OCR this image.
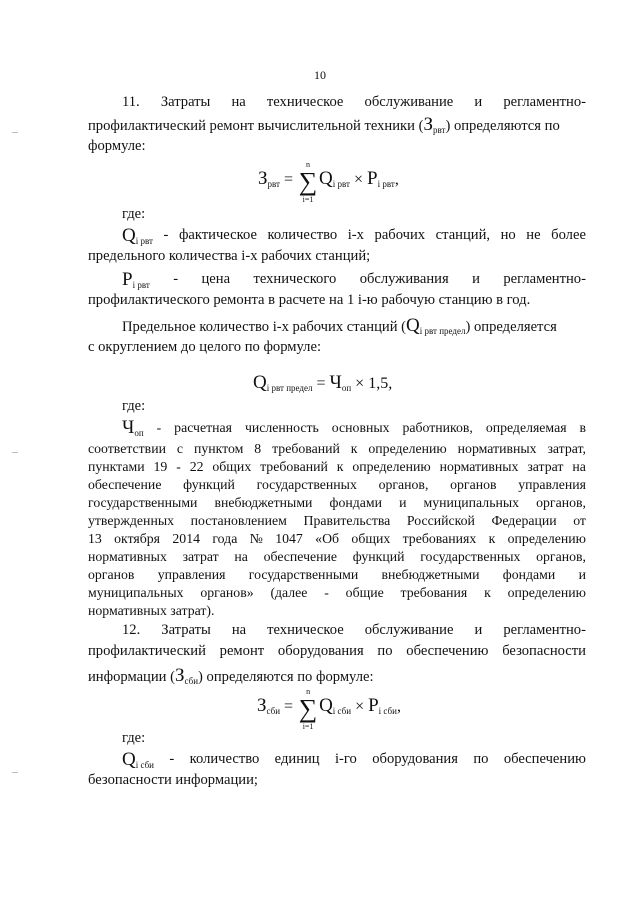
10
11. Затраты на техническое обслуживание и регламентно-
профилактический ремонт вычислительной техники $(З_{рвт})$ определяются по
формуле:
Зрвт = ∑
n
i=1
Qi рвт × Pi рвт,
где:
$Q_{i рвт}$ - фактическое количество i-х рабочих станций, но не более
предельного количества i-х рабочих станций;
$P_{i рвт}$ - цена технического обслуживания и регламентно-
профилактического ремонта в расчете на 1 i-ю рабочую станцию в год.
Предельное количество i-х рабочих станций $(Q_{i рвт предел})$ определяется
с округлением до целого по формуле:
Qi рвт предел = Чоп × 1,5,
где:
$Ч_{оп}$ - расчетная численность основных работников, определяемая в
соответствии с пунктом 8 требований к определению нормативных затрат,
пунктами 19 - 22 общих требований к определению нормативных затрат на
обеспечение функций государственных органов, органов управления
государственными внебюджетными фондами и муниципальных органов,
утвержденных постановлением Правительства Российской Федерации от
13 октября 2014 года № 1047 «Об общих требованиях к определению
нормативных затрат на обеспечение функций государственных органов,
органов управления государственными внебюджетными фондами и
муниципальных органов» (далее - общие требования к определению
нормативных затрат).
12. Затраты на техническое обслуживание и регламентно-
профилактический ремонт оборудования по обеспечению безопасности
информации $(З_{сби})$ определяются по формуле:
Зсби = ∑
n
i=1
Qi сби × Pi сби,
где:
$Q_{i сби}$ - количество единиц i-го оборудования по обеспечению
безопасности информации;
